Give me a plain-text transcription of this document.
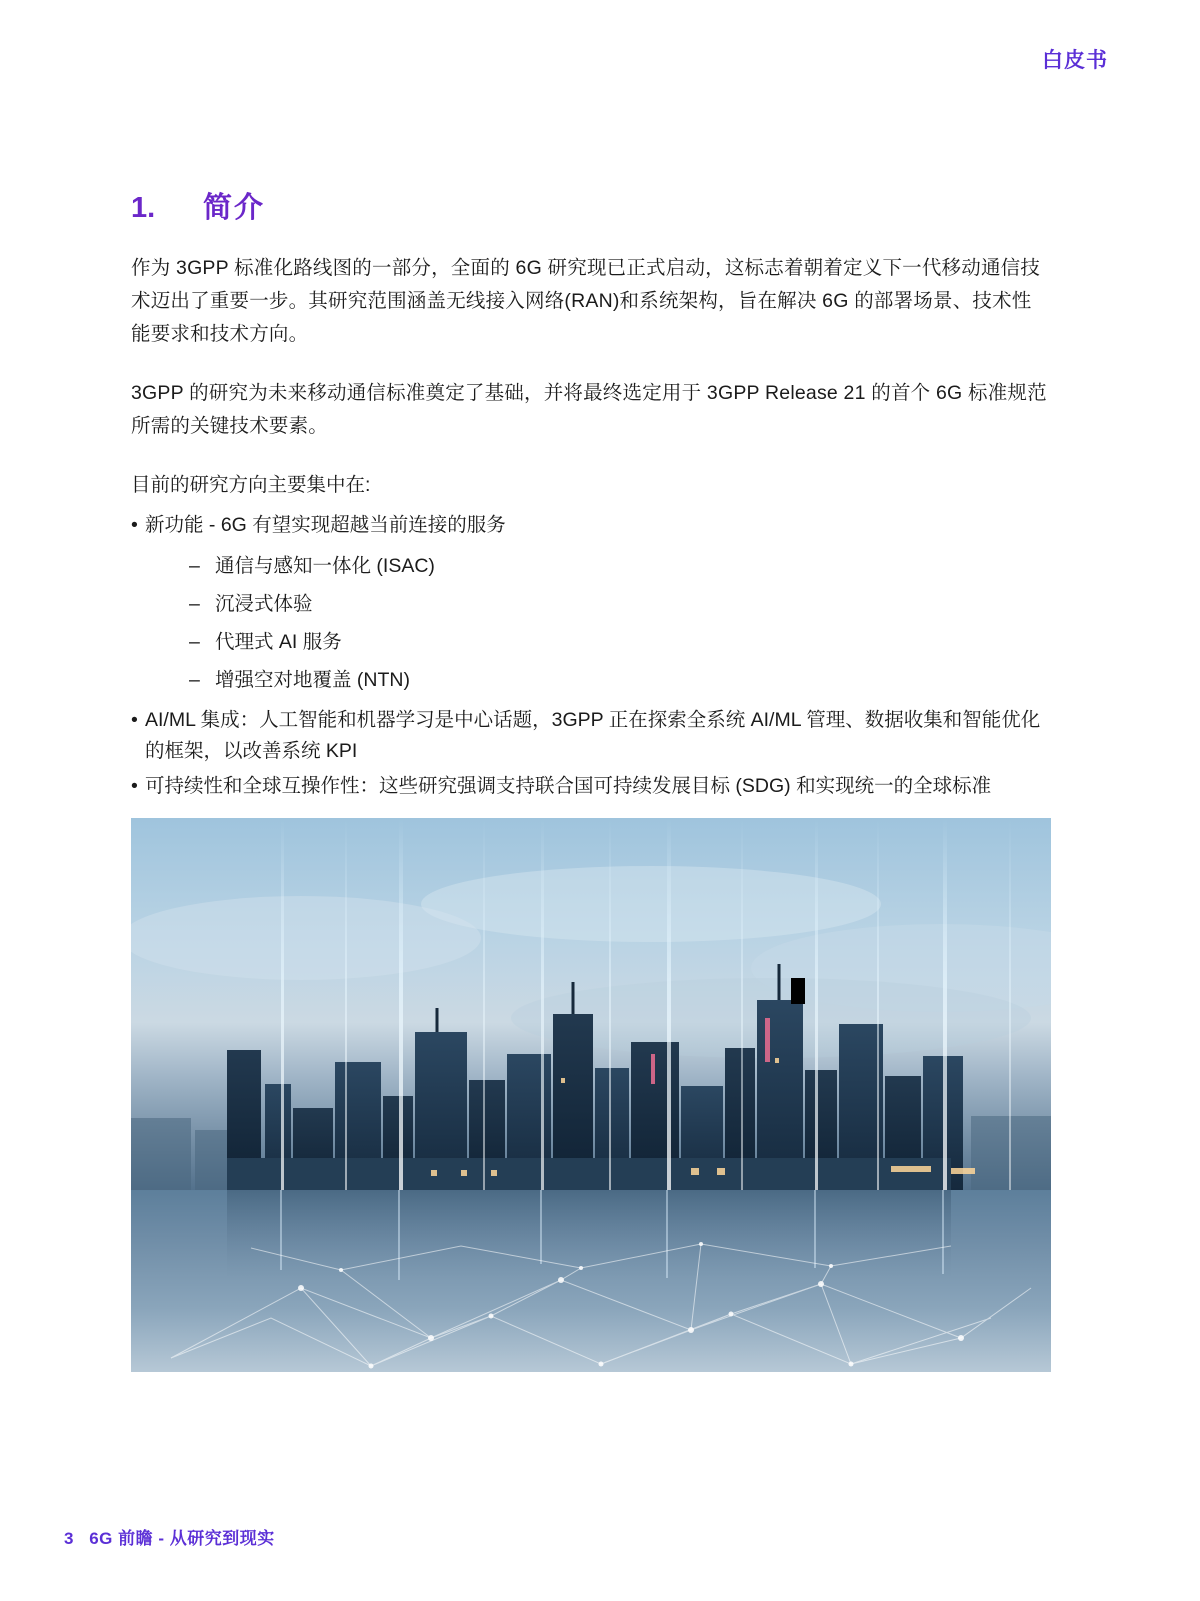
白皮书
1.	简介

作为 3GPP 标准化路线图的一部分，全面的 6G 研究现已正式启动，这标志着朝着定义下一代移动通信技术迈出了重要一步。其研究范围涵盖无线接入网络(RAN)和系统架构，旨在解决 6G 的部署场景、技术性能要求和技术方向。

3GPP 的研究为未来移动通信标准奠定了基础，并将最终选定用于 3GPP Release 21 的首个 6G 标准规范所需的关键技术要素。

目前的研究方向主要集中在:

• 新功能 - 6G 有望实现超越当前连接的服务
– 通信与感知一体化 (ISAC)
– 沉浸式体验
– 代理式 AI 服务
– 增强空对地覆盖 (NTN)
• AI/ML 集成：人工智能和机器学习是中心话题，3GPP 正在探索全系统 AI/ML 管理、数据收集和智能优化的框架，以改善系统 KPI
• 可持续性和全球互操作性：这些研究强调支持联合国可持续发展目标 (SDG) 和实现统一的全球标准
3 6G 前瞻 - 从研究到现实
